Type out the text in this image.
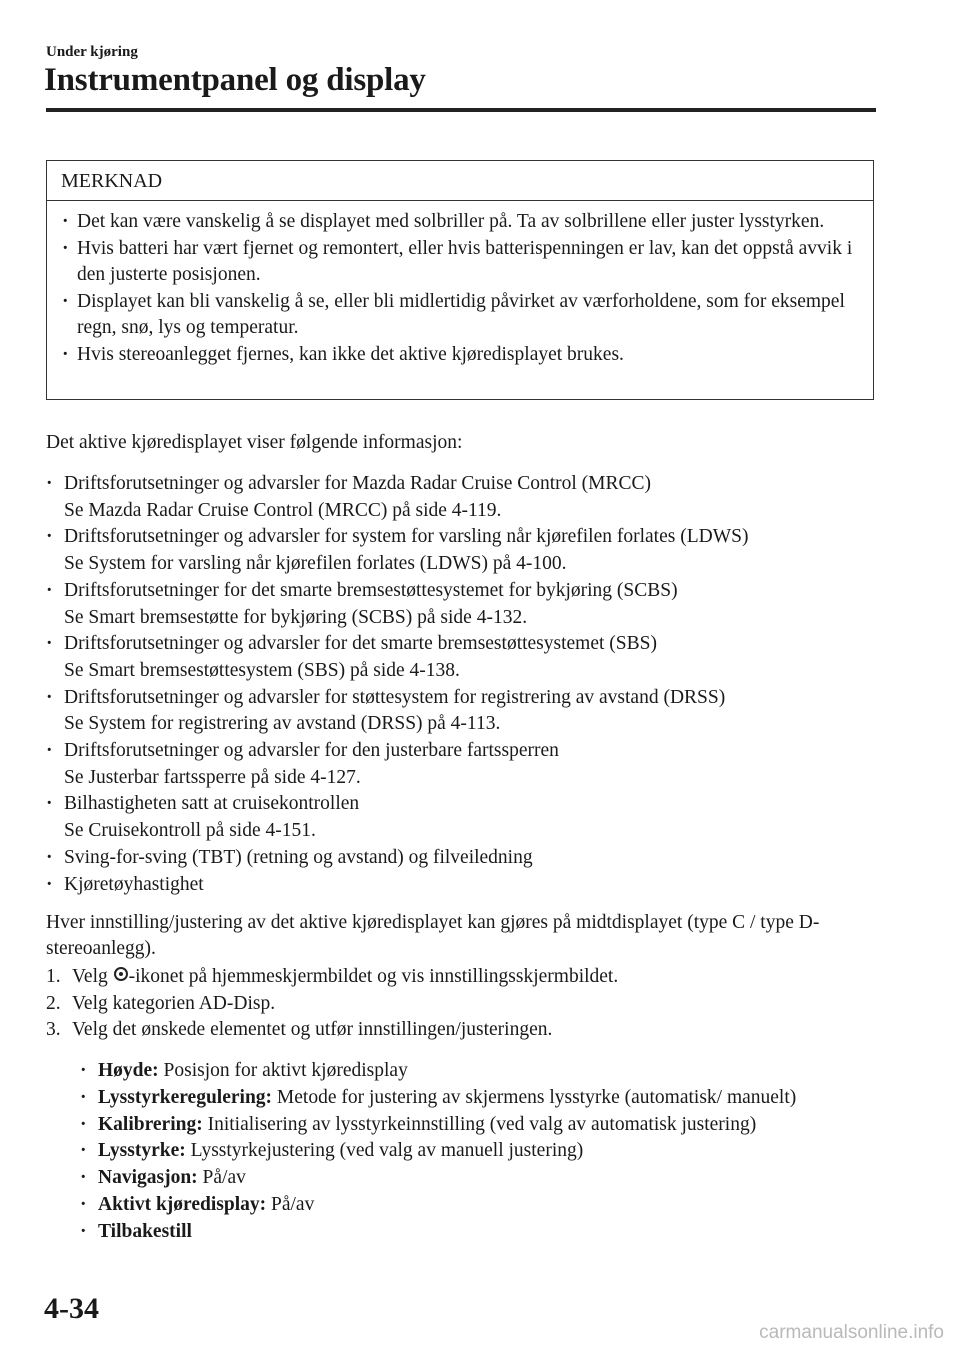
Under kjøring
Instrumentpanel og display
MERKNAD
· Det kan være vanskelig å se displayet med solbriller på. Ta av solbrillene eller juster lysstyrken.
· Hvis batteri har vært fjernet og remontert, eller hvis batterispenningen er lav, kan det oppstå avvik i den justerte posisjonen.
· Displayet kan bli vanskelig å se, eller bli midlertidig påvirket av værforholdene, som for eksempel regn, snø, lys og temperatur.
· Hvis stereoanlegget fjernes, kan ikke det aktive kjøredisplayet brukes.
Det aktive kjøredisplayet viser følgende informasjon:
· Driftsforutsetninger og advarsler for Mazda Radar Cruise Control (MRCC)
Se Mazda Radar Cruise Control (MRCC) på side 4-119.
· Driftsforutsetninger og advarsler for system for varsling når kjørefilen forlates (LDWS)
Se System for varsling når kjørefilen forlates (LDWS) på 4-100.
· Driftsforutsetninger for det smarte bremsestøttesystemet for bykjøring (SCBS)
Se Smart bremsestøtte for bykjøring (SCBS) på side 4-132.
· Driftsforutsetninger og advarsler for det smarte bremsestøttesystemet (SBS)
Se Smart bremsestøttesystem (SBS) på side 4-138.
· Driftsforutsetninger og advarsler for støttesystem for registrering av avstand (DRSS)
Se System for registrering av avstand (DRSS) på 4-113.
· Driftsforutsetninger og advarsler for den justerbare fartssperren
Se Justerbar fartssperre på side 4-127.
· Bilhastigheten satt at cruisekontrollen
Se Cruisekontroll på side 4-151.
· Sving-for-sving (TBT) (retning og avstand) og filveiledning
· Kjøretøyhastighet
Hver innstilling/justering av det aktive kjøredisplayet kan gjøres på midtdisplayet (type C / type D-stereoanlegg).
1. Velg -ikonet på hjemmeskjermbildet og vis innstillingsskjermbildet.
2. Velg kategorien AD-Disp.
3. Velg det ønskede elementet og utfør innstillingen/justeringen.
· Høyde: Posisjon for aktivt kjøredisplay
· Lysstyrkeregulering: Metode for justering av skjermens lysstyrke (automatisk/ manuelt)
· Kalibrering: Initialisering av lysstyrkeinnstilling (ved valg av automatisk justering)
· Lysstyrke: Lysstyrkejustering (ved valg av manuell justering)
· Navigasjon: På/av
· Aktivt kjøredisplay: På/av
· Tilbakestill
4-34
carmanualsonline.info
